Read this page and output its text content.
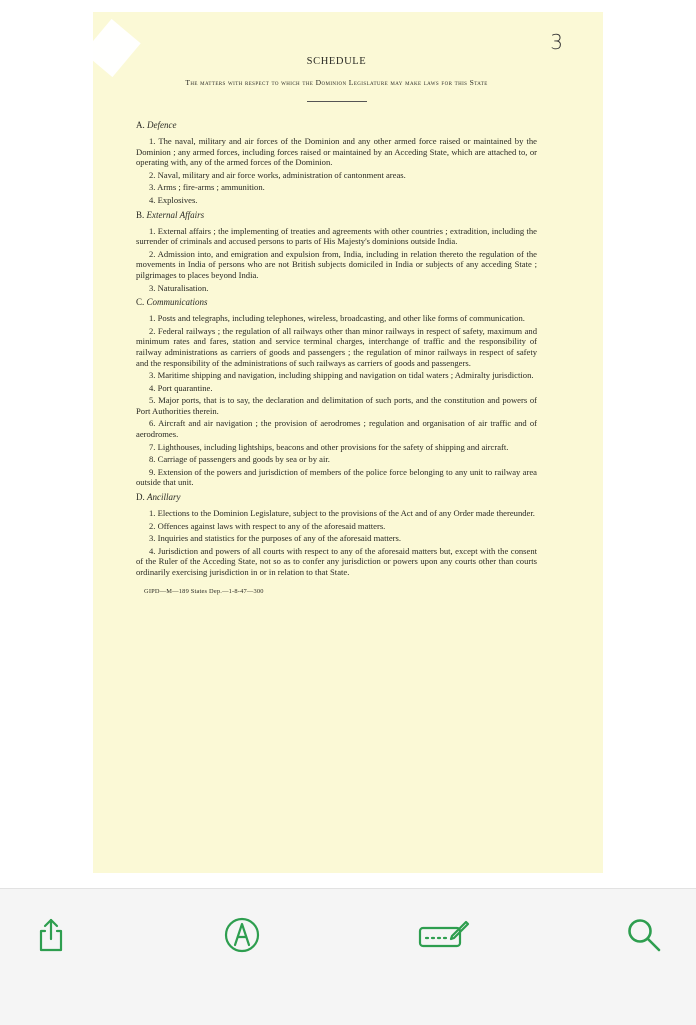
3
SCHEDULE
The matters with respect to which the Dominion Legislature may make laws for this State
A. Defence

1. The naval, military and air forces of the Dominion and any other armed force raised or maintained by the Dominion ; any armed forces, including forces raised or maintained by an Acceding State, which are attached to, or operating with, any of the armed forces of the Dominion.

2. Naval, military and air force works, administration of cantonment areas.

3. Arms ; fire-arms ; ammunition.

4. Explosives.

B. External Affairs

1. External affairs ; the implementing of treaties and agreements with other countries ; extradition, including the surrender of criminals and accused persons to parts of His Majesty's dominions outside India.

2. Admission into, and emigration and expulsion from, India, including in relation thereto the regulation of the movements in India of persons who are not British subjects domiciled in India or subjects of any acceding State ; pilgrimages to places beyond India.

3. Naturalisation.

C. Communications

1. Posts and telegraphs, including telephones, wireless, broadcasting, and other like forms of communication.

2. Federal railways ; the regulation of all railways other than minor railways in respect of safety, maximum and minimum rates and fares, station and service terminal charges, interchange of traffic and the responsibility of railway administrations as carriers of goods and passengers ; the regulation of minor railways in respect of safety and the responsibility of the administrations of such railways as carriers of goods and passengers.

3. Maritime shipping and navigation, including shipping and navigation on tidal waters ; Admiralty jurisdiction.

4. Port quarantine.

5. Major ports, that is to say, the declaration and delimitation of such ports, and the constitution and powers of Port Authorities therein.

6. Aircraft and air navigation ; the provision of aerodromes ; regulation and organisation of air traffic and of aerodromes.

7. Lighthouses, including lightships, beacons and other provisions for the safety of shipping and aircraft.

8. Carriage of passengers and goods by sea or by air.

9. Extension of the powers and jurisdiction of members of the police force belonging to any unit to railway area outside that unit.

D. Ancillary

1. Elections to the Dominion Legislature, subject to the provisions of the Act and of any Order made thereunder.

2. Offences against laws with respect to any of the aforesaid matters.

3. Inquiries and statistics for the purposes of any of the aforesaid matters.

4. Jurisdiction and powers of all courts with respect to any of the aforesaid matters but, except with the consent of the Ruler of the Acceding State, not so as to confer any jurisdiction or powers upon any courts other than courts ordinarily exercising jurisdiction in or in relation to that State.

GIPD—M—189 States Dep.—1-8-47—300
